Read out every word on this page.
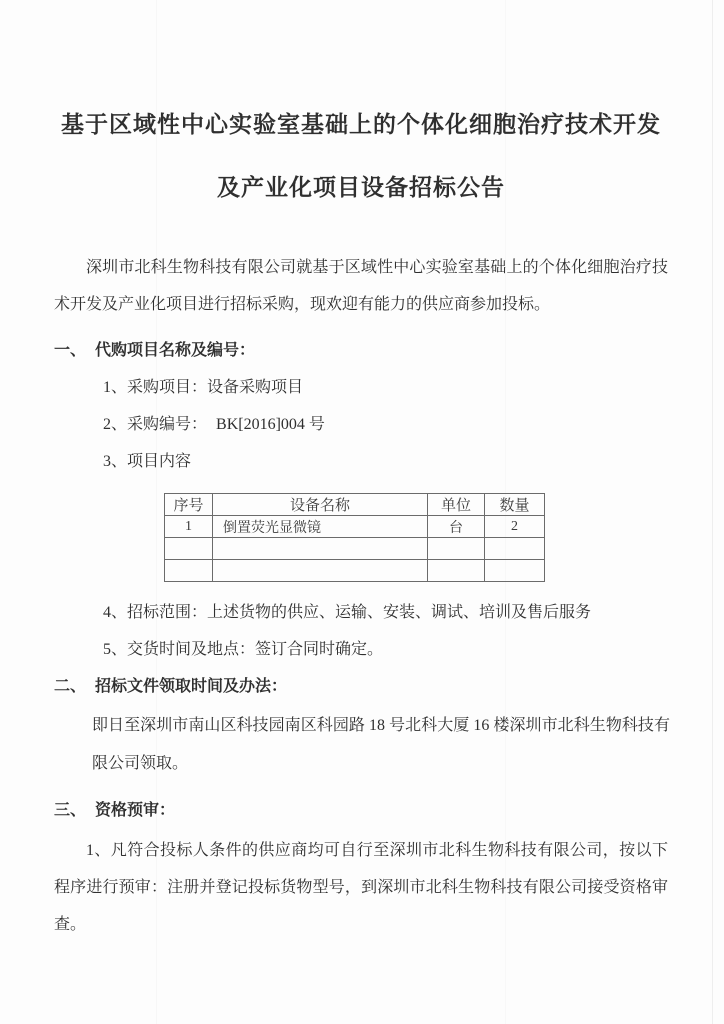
基于区域性中心实验室基础上的个体化细胞治疗技术开发
及产业化项目设备招标公告

深圳市北科生物科技有限公司就基于区域性中心实验室基础上的个体化细胞治疗技术开发及产业化项目进行招标采购，现欢迎有能力的供应商参加投标。

一、 代购项目名称及编号：
1、采购项目：设备采购项目
2、采购编号： BK[2016]004 号
3、项目内容
序号	设备名称	单位	数量
1	倒置荧光显微镜	台	2

4、招标范围：上述货物的供应、运输、安装、调试、培训及售后服务
5、交货时间及地点：签订合同时确定。
二、 招标文件领取时间及办法：

即日至深圳市南山区科技园南区科园路 18 号北科大厦 16 楼深圳市北科生物科技有限公司领取。

三、 资格预审：

1、凡符合投标人条件的供应商均可自行至深圳市北科生物科技有限公司，按以下程序进行预审：注册并登记投标货物型号，到深圳市北科生物科技有限公司接受资格审查。
